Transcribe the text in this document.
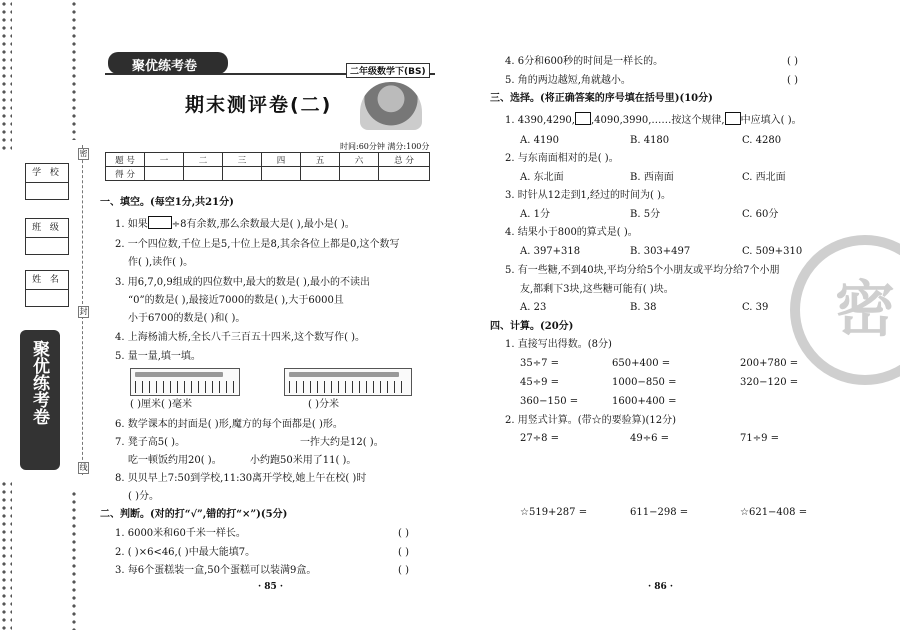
学 校
班 级
姓 名
聚优练考卷
密
封
线
聚优练考卷	二年级数学下(BS)
期末测评卷(二)
时间:60分钟 满分:100分
题 号	一	二	三	四	五	六	总 分
得 分							
一、填空。(每空1分,共21分)
1. 如果 ÷8有余数,那么余数最大是( ),最小是( )。
2. 一个四位数,千位上是5,十位上是8,其余各位上都是0,这个数写
作( ),读作( )。
3. 用6,7,0,9组成的四位数中,最大的数是( ),最小的不读出
“0”的数是( ),最接近7000的数是( ),大于6000且
小于6700的数是( )和( )。
4. 上海杨浦大桥,全长八千三百五十四米,这个数写作( )。
5. 量一量,填一填。
( )厘米( )毫米	( )分米
6. 数学课本的封面是( )形,魔方的每个面都是( )形。
7. 凳子高5( )。	一拃大约是12( )。
吃一顿饭约用20( )。	小约跑50米用了11( )。
8. 贝贝早上7:50到学校,11:30离开学校,她上午在校( )时
( )分。
二、判断。(对的打“√”,错的打“×”)(5分)
1. 6000米和60千米一样长。	( )
2. ( )×6<46,( )中最大能填7。	( )
3. 每6个蛋糕装一盒,50个蛋糕可以装满9盒。	( )
· 85 ·
4. 6分和600秒的时间是一样长的。	( )
5. 角的两边越短,角就越小。	( )
三、选择。(将正确答案的序号填在括号里)(10分)
1. 4390,4290, ,4090,3990,……按这个规律, 中应填入( )。
A. 4190	B. 4180	C. 4280
2. 与东南面相对的是( )。
A. 东北面	B. 西南面	C. 西北面
3. 时针从12走到1,经过的时间为( )。
A. 1分	B. 5分	C. 60分
4. 结果小于800的算式是( )。
A. 397+318	B. 303+497	C. 509+310
5. 有一些糖,不到40块,平均分给5个小朋友或平均分给7个小朋
友,都剩下3块,这些糖可能有( )块。
A. 23	B. 38	C. 39
四、计算。(20分)
1. 直接写出得数。(8分)
35÷7 =	650+400 =	200+780 =
45÷9 =	1000−850 =	320−120 =
360−150 =	1600+400 =
2. 用竖式计算。(带☆的要验算)(12分)
27÷8 =	49÷6 =	71÷9 =
☆519+287 =	611−298 =	☆621−408 =
· 86 ·
密
